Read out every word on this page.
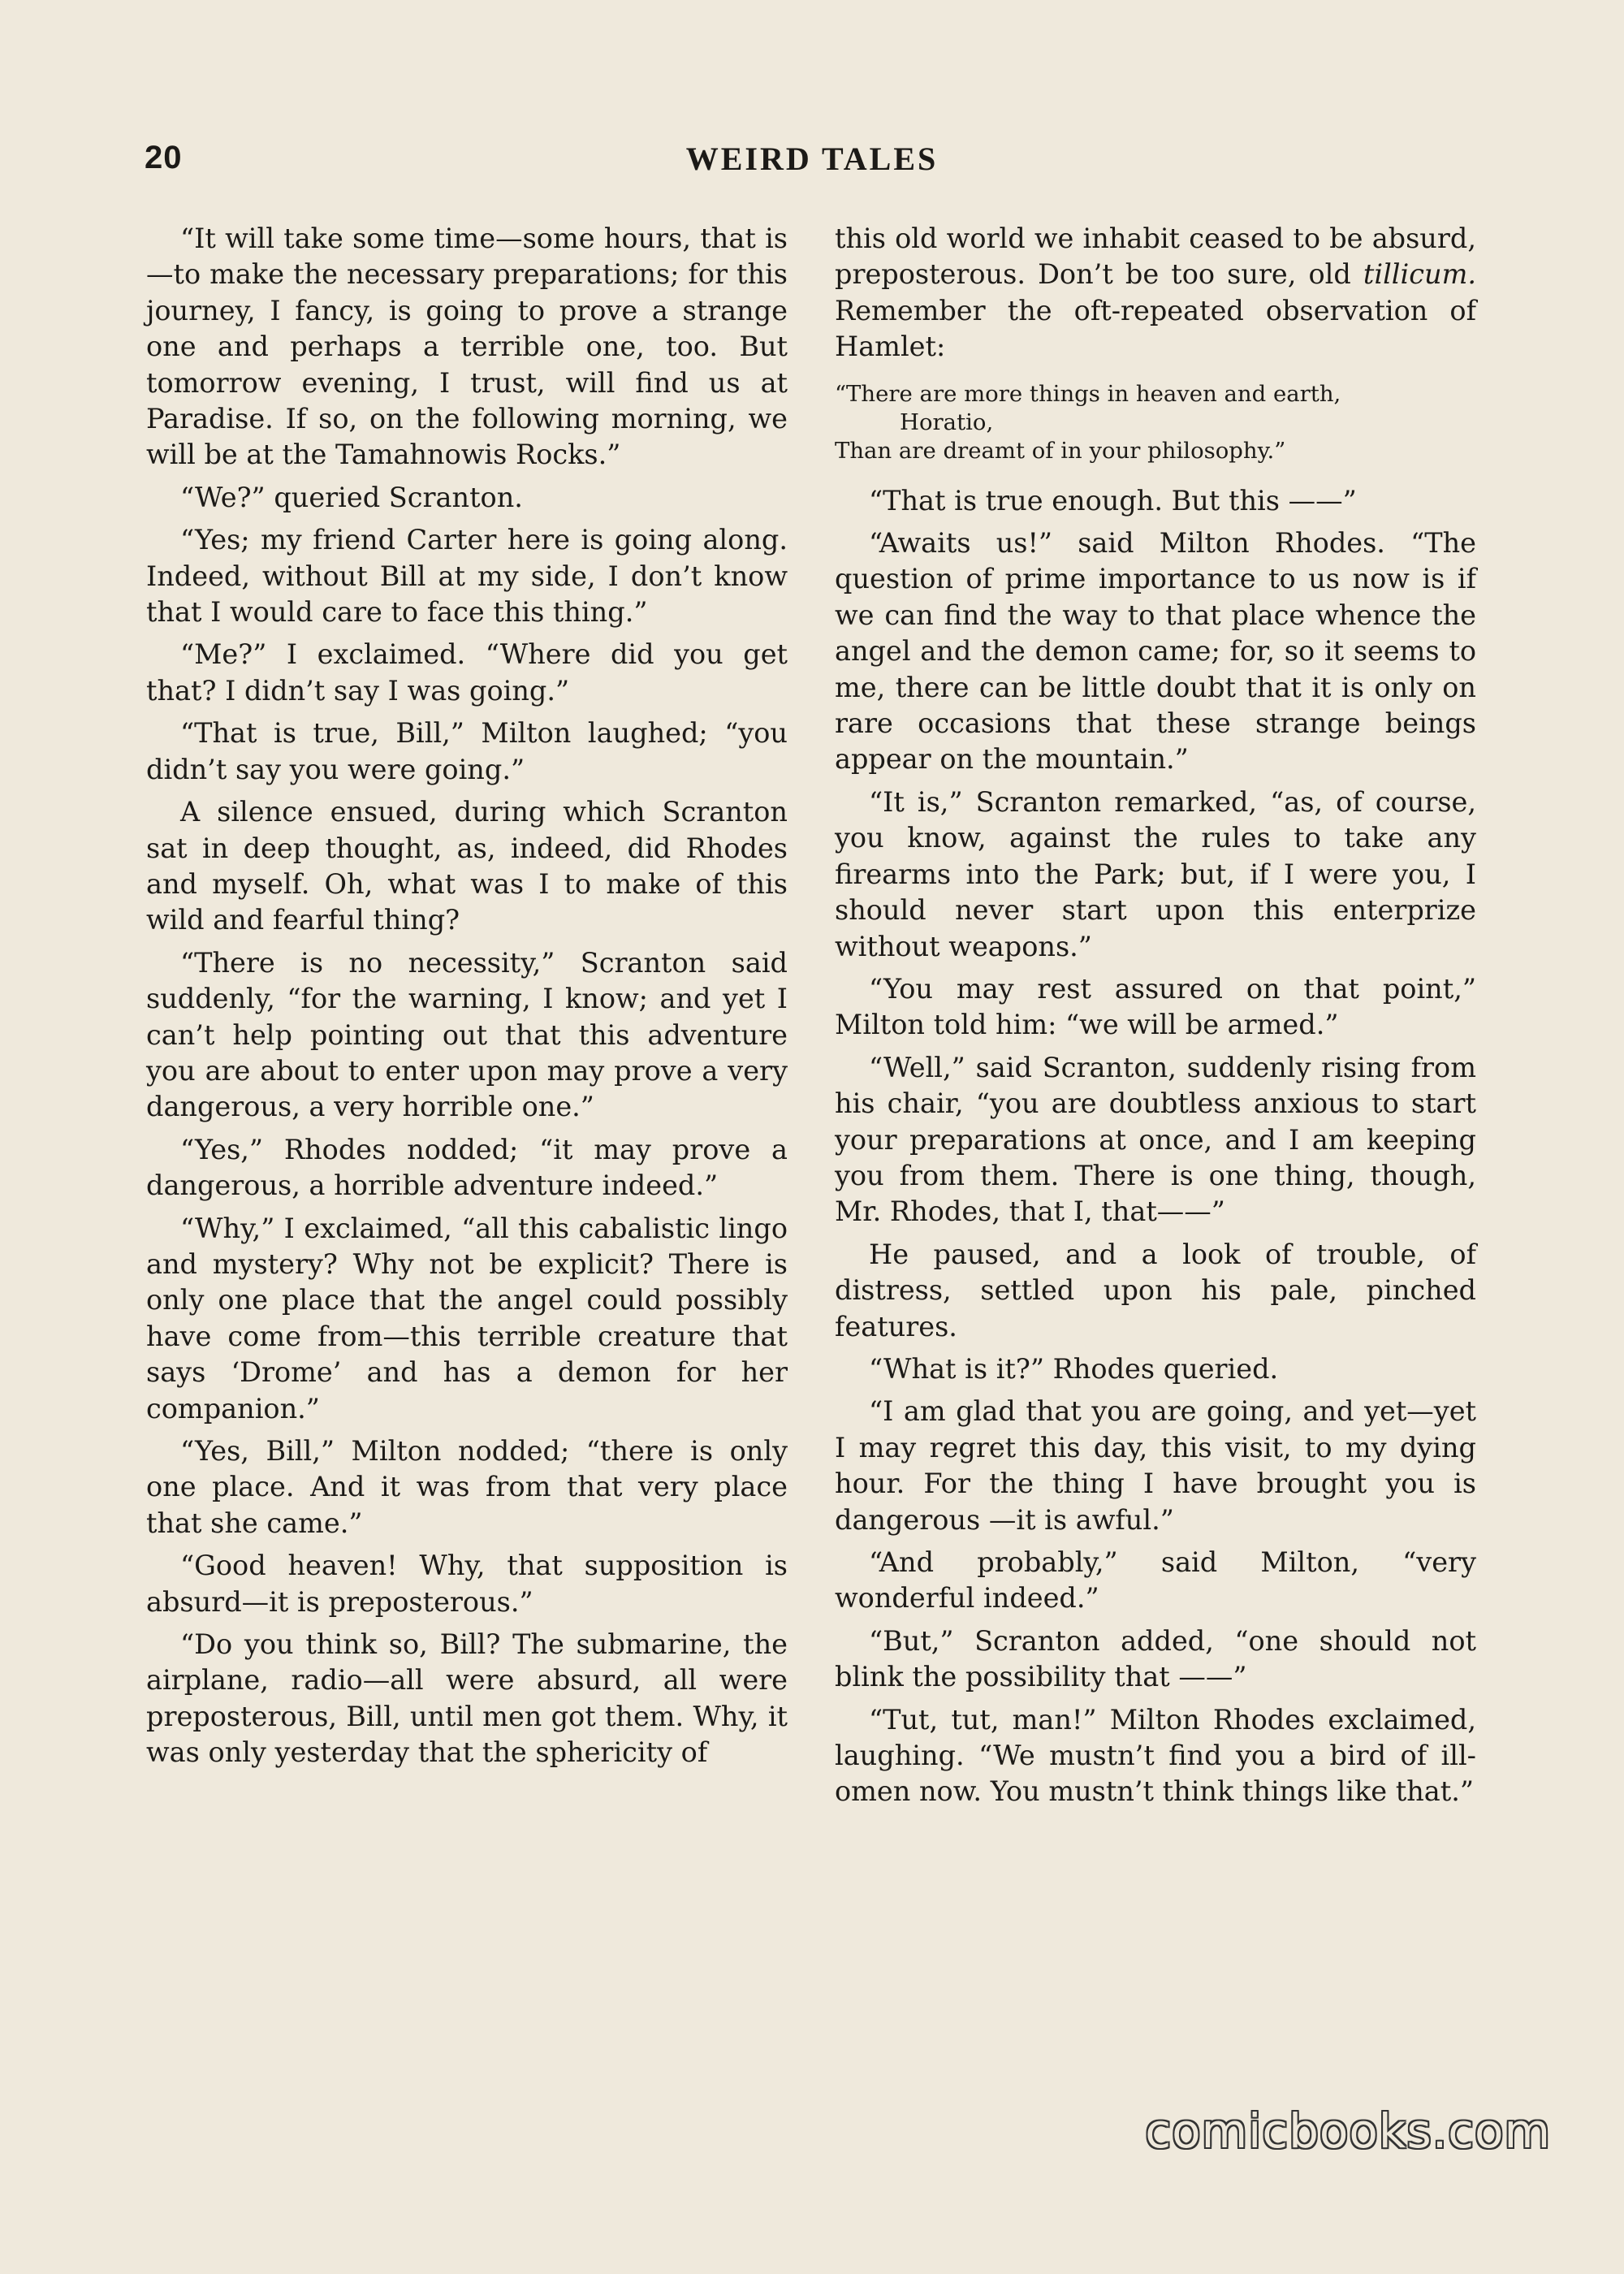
20	WEIRD TALES

“It will take some time—some hours, that is—to make the necessary preparations; for this journey, I fancy, is going to prove a strange one and perhaps a terrible one, too. But tomorrow evening, I trust, will find us at Paradise. If so, on the following morning, we will be at the Tamahnowis Rocks.”

“We?” queried Scranton.

“Yes; my friend Carter here is going along. Indeed, without Bill at my side, I don’t know that I would care to face this thing.”

“Me?” I exclaimed. “Where did you get that? I didn’t say I was going.”

“That is true, Bill,” Milton laughed; “you didn’t say you were going.”

A silence ensued, during which Scranton sat in deep thought, as, indeed, did Rhodes and myself. Oh, what was I to make of this wild and fearful thing?

“There is no necessity,” Scranton said suddenly, “for the warning, I know; and yet I can’t help pointing out that this adventure you are about to enter upon may prove a very dangerous, a very horrible one.”

“Yes,” Rhodes nodded; “it may prove a dangerous, a horrible adventure indeed.”

“Why,” I exclaimed, “all this cabalistic lingo and mystery? Why not be explicit? There is only one place that the angel could possibly have come from—this terrible creature that says ‘Drome’ and has a demon for her companion.”

“Yes, Bill,” Milton nodded; “there is only one place. And it was from that very place that she came.”

“Good heaven! Why, that supposition is absurd—it is preposterous.”

“Do you think so, Bill? The submarine, the airplane, radio—all were absurd, all were preposterous, Bill, until men got them. Why, it was only yesterday that the sphericity of

this old world we inhabit ceased to be absurd, preposterous. Don’t be too sure, old tillicum. Remember the oft-repeated observation of Hamlet:

“There are more things in heaven and earth,
Horatio,
Than are dreamt of in your philosophy.”

“That is true enough. But this ——”

“Awaits us!” said Milton Rhodes. “The question of prime importance to us now is if we can find the way to that place whence the angel and the demon came; for, so it seems to me, there can be little doubt that it is only on rare occasions that these strange beings appear on the mountain.”

“It is,” Scranton remarked, “as, of course, you know, against the rules to take any firearms into the Park; but, if I were you, I should never start upon this enterprize without weapons.”

“You may rest assured on that point,” Milton told him: “we will be armed.”

“Well,” said Scranton, suddenly rising from his chair, “you are doubtless anxious to start your preparations at once, and I am keeping you from them. There is one thing, though, Mr. Rhodes, that I, that——”

He paused, and a look of trouble, of distress, settled upon his pale, pinched features.

“What is it?” Rhodes queried.

“I am glad that you are going, and yet—yet I may regret this day, this visit, to my dying hour. For the thing I have brought you is dangerous —it is awful.”

“And probably,” said Milton, “very wonderful indeed.”

“But,” Scranton added, “one should not blink the possibility that ——”

“Tut, tut, man!” Milton Rhodes exclaimed, laughing. “We mustn’t find you a bird of ill-omen now. You mustn’t think things like that.”

comicbooks.com
